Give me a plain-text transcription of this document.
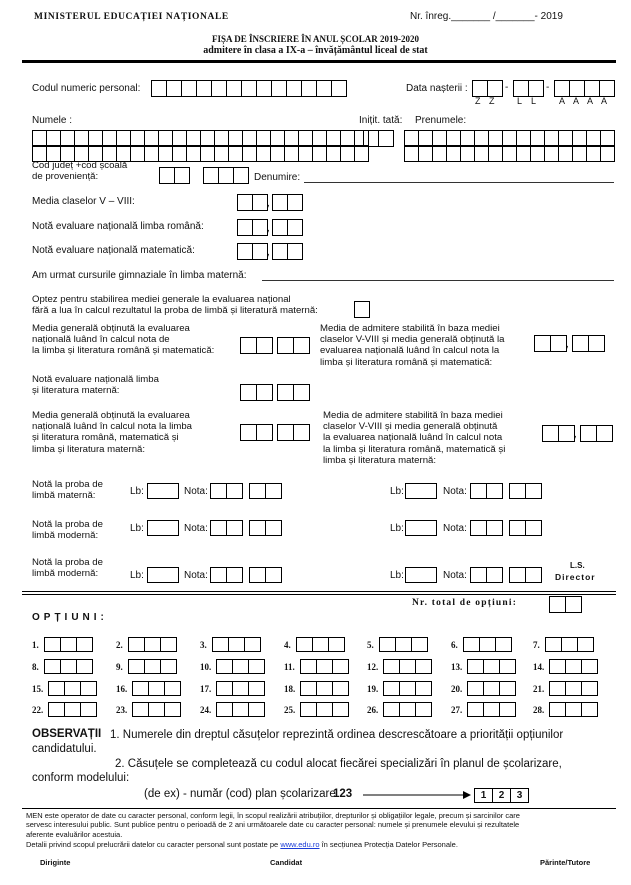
MINISTERUL EDUCAȚIEI NAȚIONALE	Nr. înreg._______ /_______- 2019
FIȘA DE ÎNSCRIERE ÎN ANUL ȘCOLAR 2019-2020
admitere în clasa a IX-a – învățământul liceal de stat
Codul numeric personal:	Data nașterii :	-	-
Z Z	L L	A A A A
Numele :	Inițit. tată: Prenumele:
Cod județ +cod școală
de proveniență:	Denumire:
Media claselor V – VIII:	,
Notă evaluare națională limba română:	,
Notă evaluare națională matematică:	,
Am urmat cursurile gimnaziale în limba maternă:
Optez pentru stabilirea mediei generale la evaluarea național
fără a lua în calcul rezultatul la proba de limbă și literatură maternă:
Media generală obținută la evaluarea
națională luând în calcul nota de
la limba și literatura română și matematică:	,
Media de admitere stabilită în baza mediei
claselor V-VIII și media generală obținută la
evaluarea națională luând în calcul nota la
limba și literatura română și matematică:
,
Notă evaluare națională limba
și literatura maternă:	,
Media generală obținută la evaluarea
națională luând în calcul nota la limba
și literatura română, matematică și
limba și literatura maternă:
,
Media de admitere stabilită în baza mediei
claselor V-VIII și media generală obținută
la evaluarea națională luând în calcul nota
la limba și literatura română, matematică și
limba și literatura maternă:
,
Notă la proba de
limbă maternă:	Lb:	Nota:	,	Lb:	Nota:	,
Notă la proba de
limbă modernă:
Lb:	Nota:	,	Lb:	Nota:	,
Notă la proba de
limbă modernă:	Lb:	Nota:	,	Lb:	Nota:	,
L.S.
Director
Nr. total de opțiuni:
OPȚIUNI:
1.	2.	3.	4.	5.	6.	7.
8.	9.	10.	11.	12.	13.	14.
15.	16.	17.	18.	19.	20.	21.
22.	23.	24.	25.	26.	27.	28.
OBSERVAȚII 1. Numerele din dreptul căsuțelor reprezintă ordinea descrescătoare a priorității opțiunilor
candidatului.
2. Căsuțele se completează cu codul alocat fiecărei specializări în planul de școlarizare,
conform modelului:
(de ex) - număr (cod) plan școlarizare
123	1	2	3
MEN este operator de date cu caracter personal, conform legii, în scopul realizării atribuțiilor, drepturilor și obligațiilor legale, precum și sarcinilor care
servesc interesului public. Sunt publice pentru o perioadă de 2 ani următoarele date cu caracter personal: numele și prenumele elevului și rezultatele
aferente evaluărilor acestuia.
Detalii privind scopul prelucrării datelor cu caracter personal sunt postate pe www.edu.ro în secțiunea Protecția Datelor Personale.
Diriginte	Candidat	Părinte/Tutore
